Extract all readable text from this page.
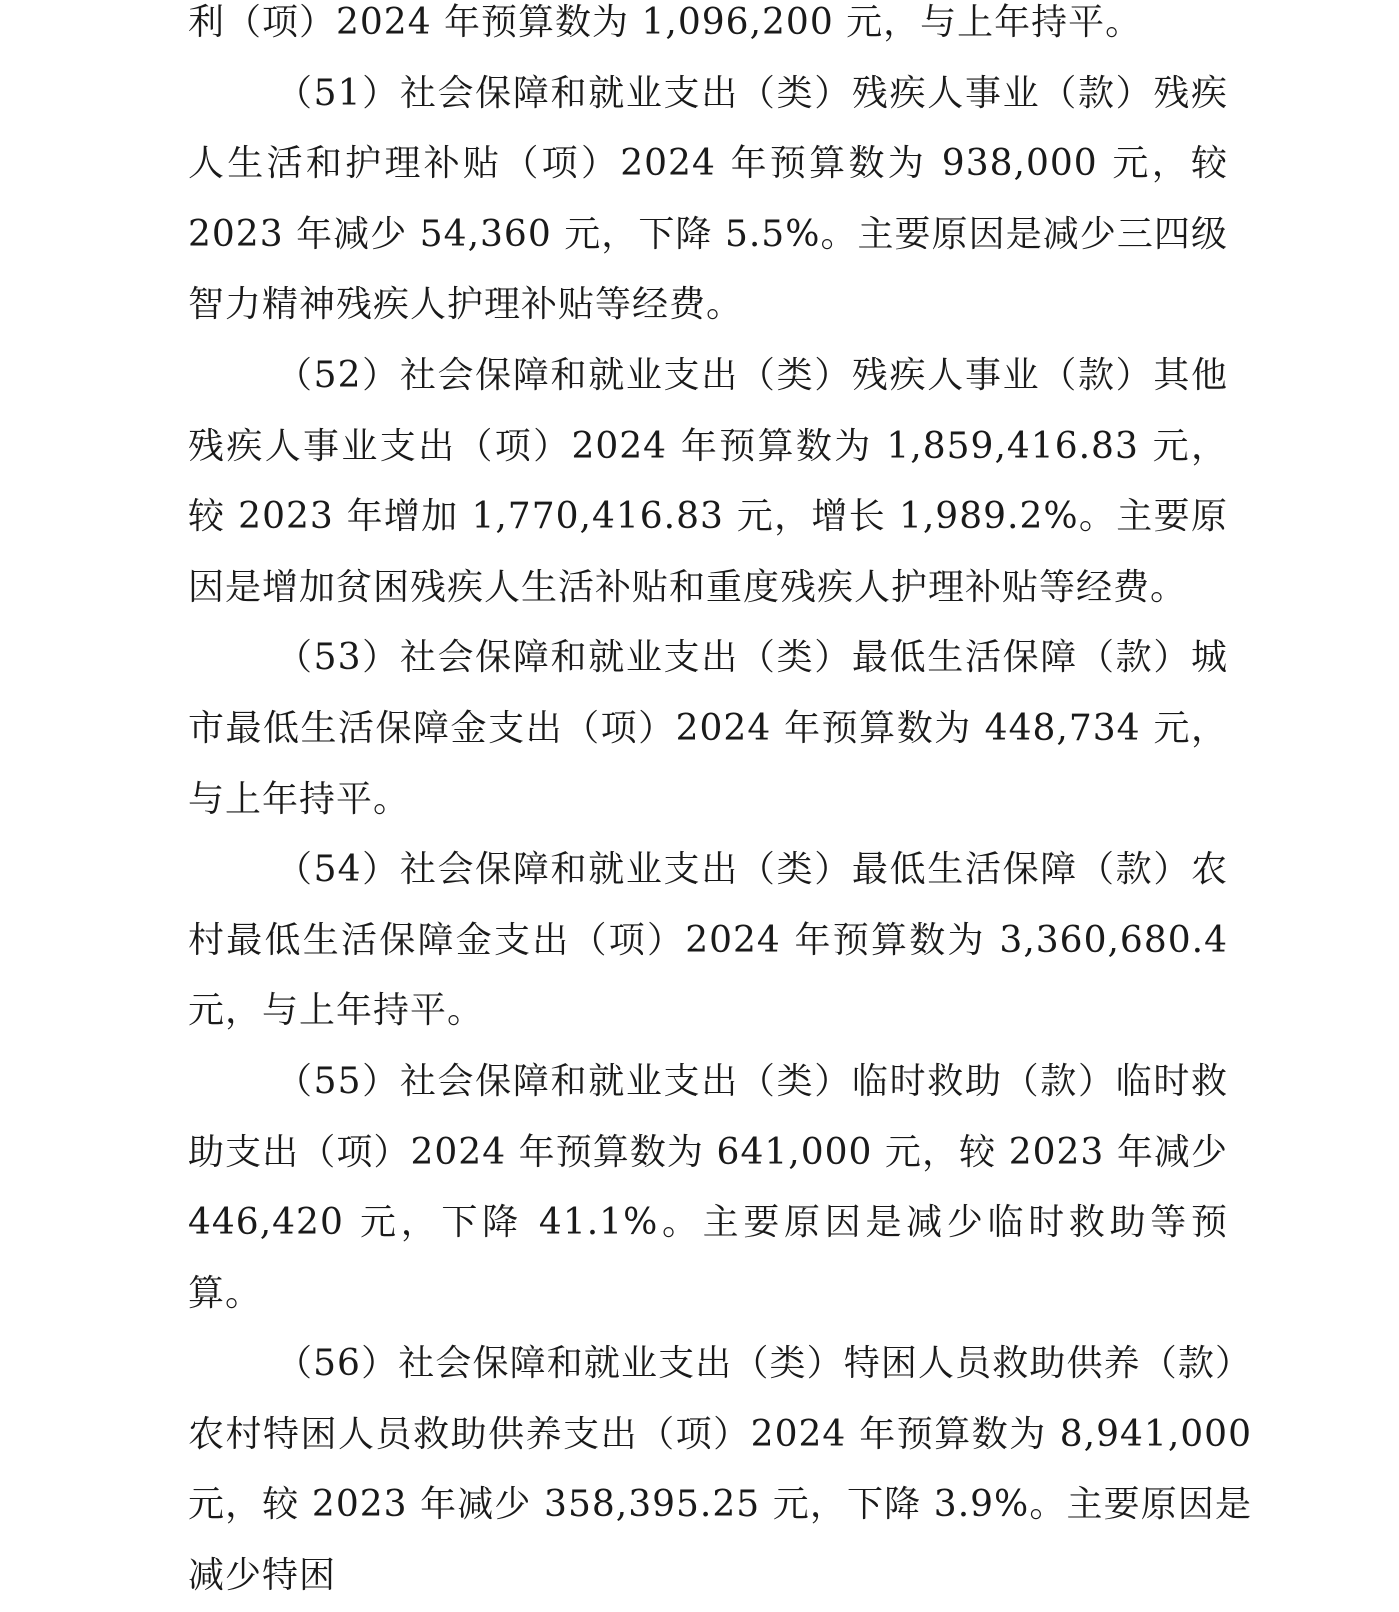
利（项）2024 年预算数为 1,096,200 元，与上年持平。

（51）社会保障和就业支出（类）残疾人事业（款）残疾人生活和护理补贴（项）2024 年预算数为 938,000 元，较 2023 年减少 54,360 元，下降 5.5%。主要原因是减少三四级智力精神残疾人护理补贴等经费。

（52）社会保障和就业支出（类）残疾人事业（款）其他残疾人事业支出（项）2024 年预算数为 1,859,416.83 元，较 2023 年增加 1,770,416.83 元，增长 1,989.2%。主要原因是增加贫困残疾人生活补贴和重度残疾人护理补贴等经费。

（53）社会保障和就业支出（类）最低生活保障（款）城市最低生活保障金支出（项）2024 年预算数为 448,734 元，与上年持平。

（54）社会保障和就业支出（类）最低生活保障（款）农村最低生活保障金支出（项）2024 年预算数为 3,360,680.4 元，与上年持平。

（55）社会保障和就业支出（类）临时救助（款）临时救助支出（项）2024 年预算数为 641,000 元，较 2023 年减少 446,420 元，下降 41.1%。主要原因是减少临时救助等预算。

（56）社会保障和就业支出（类）特困人员救助供养（款）农村特困人员救助供养支出（项）2024 年预算数为 8,941,000 元，较 2023 年减少 358,395.25 元，下降 3.9%。主要原因是减少特困
